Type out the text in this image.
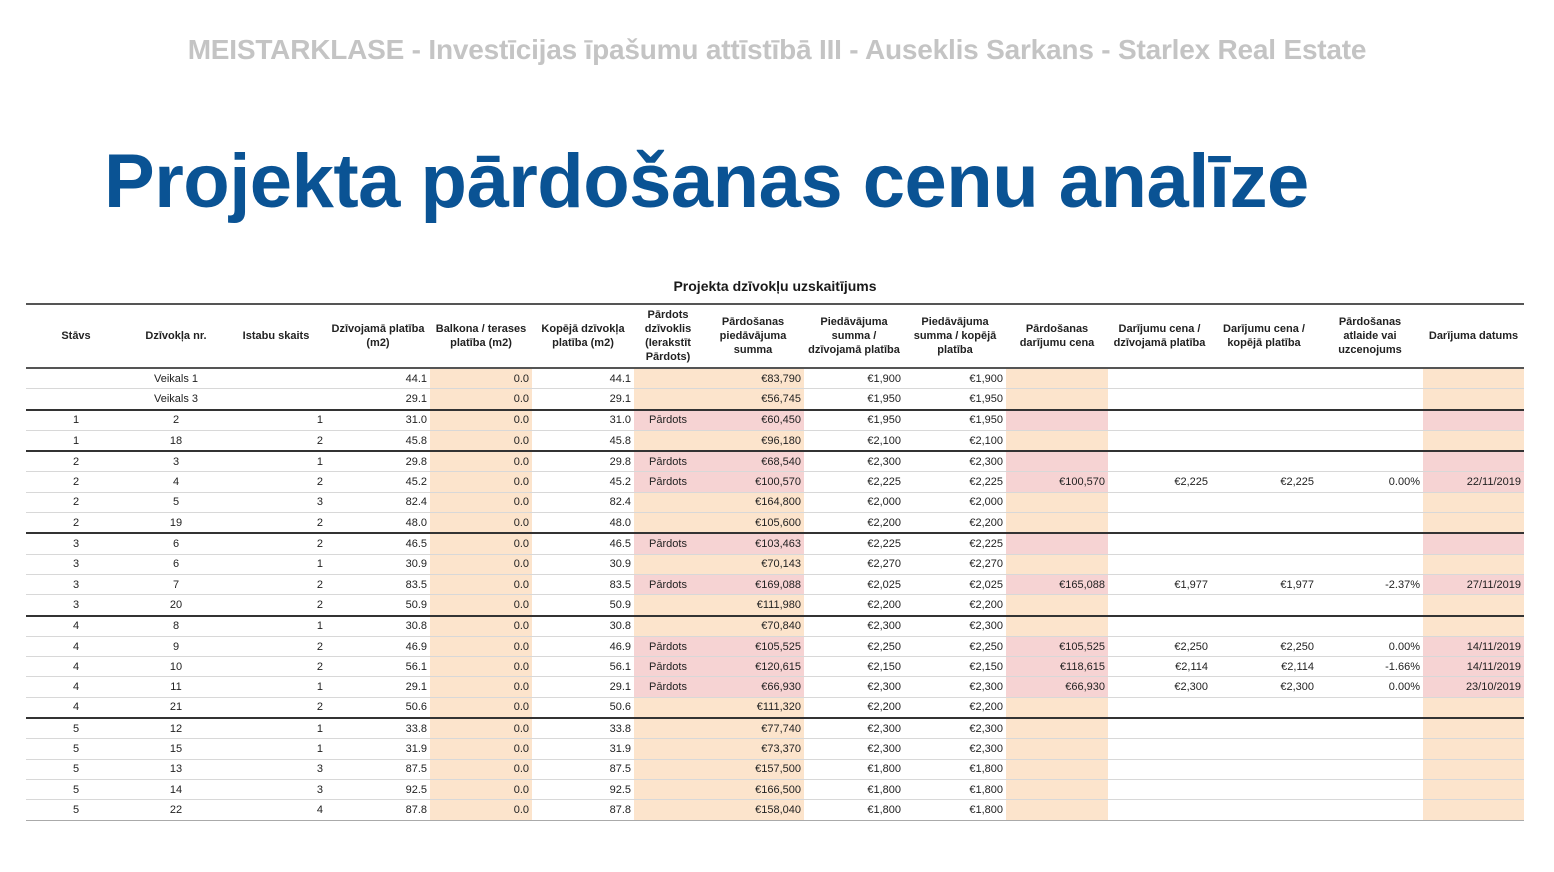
MEISTARKLASE - Investīcijas īpašumu attīstībā III - Auseklis Sarkans - Starlex Real Estate
Projekta pārdošanas cenu analīze
Projekta dzīvokļu uzskaitījums
Stāvs	Dzīvokļa nr.	Istabu skaits	Dzīvojamā platība (m2)	Balkona / terases platība (m2)	Kopējā dzīvokļa platība (m2)	Pārdots dzīvoklis (Ierakstīt Pārdots)	Pārdošanas piedāvājuma summa	Piedāvājuma summa / dzīvojamā platība	Piedāvājuma summa / kopējā platība	Pārdošanas darījumu cena	Darījumu cena / dzīvojamā platība	Darījumu cena / kopējā platība	Pārdošanas atlaide vai uzcenojums	Darījuma datums
	Veikals 1		44.1	0.0	44.1		€83,790	€1,900	€1,900					
	Veikals 3		29.1	0.0	29.1		€56,745	€1,950	€1,950					
1	2	1	31.0	0.0	31.0	Pārdots	€60,450	€1,950	€1,950					
1	18	2	45.8	0.0	45.8		€96,180	€2,100	€2,100					
2	3	1	29.8	0.0	29.8	Pārdots	€68,540	€2,300	€2,300					
2	4	2	45.2	0.0	45.2	Pārdots	€100,570	€2,225	€2,225	€100,570	€2,225	€2,225	0.00%	22/11/2019
2	5	3	82.4	0.0	82.4		€164,800	€2,000	€2,000					
2	19	2	48.0	0.0	48.0		€105,600	€2,200	€2,200					
3	6	2	46.5	0.0	46.5	Pārdots	€103,463	€2,225	€2,225					
3	6	1	30.9	0.0	30.9		€70,143	€2,270	€2,270					
3	7	2	83.5	0.0	83.5	Pārdots	€169,088	€2,025	€2,025	€165,088	€1,977	€1,977	-2.37%	27/11/2019
3	20	2	50.9	0.0	50.9		€111,980	€2,200	€2,200					
4	8	1	30.8	0.0	30.8		€70,840	€2,300	€2,300					
4	9	2	46.9	0.0	46.9	Pārdots	€105,525	€2,250	€2,250	€105,525	€2,250	€2,250	0.00%	14/11/2019
4	10	2	56.1	0.0	56.1	Pārdots	€120,615	€2,150	€2,150	€118,615	€2,114	€2,114	-1.66%	14/11/2019
4	11	1	29.1	0.0	29.1	Pārdots	€66,930	€2,300	€2,300	€66,930	€2,300	€2,300	0.00%	23/10/2019
4	21	2	50.6	0.0	50.6		€111,320	€2,200	€2,200					
5	12	1	33.8	0.0	33.8		€77,740	€2,300	€2,300					
5	15	1	31.9	0.0	31.9		€73,370	€2,300	€2,300					
5	13	3	87.5	0.0	87.5		€157,500	€1,800	€1,800					
5	14	3	92.5	0.0	92.5		€166,500	€1,800	€1,800					
5	22	4	87.8	0.0	87.8		€158,040	€1,800	€1,800					
